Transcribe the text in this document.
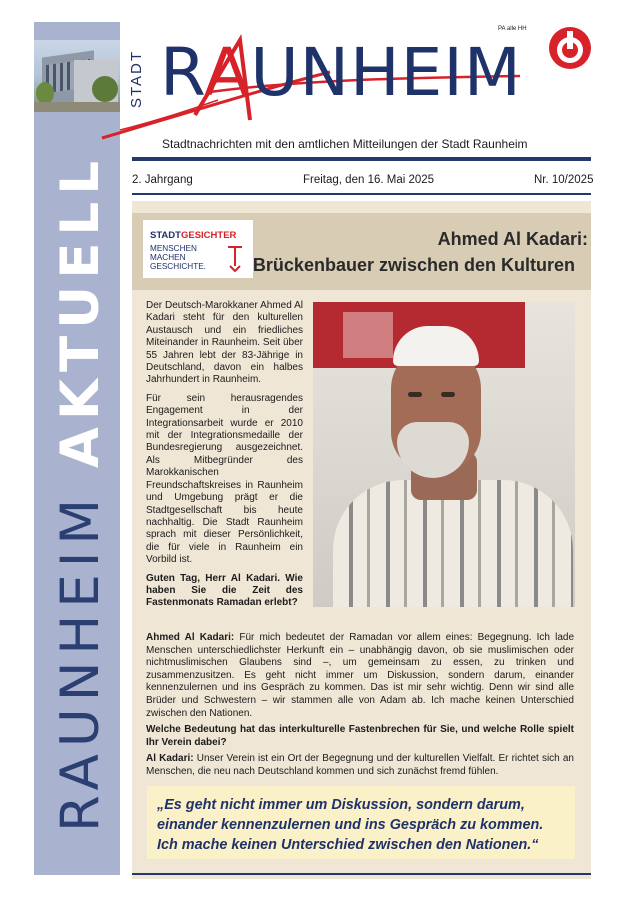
RAUNHEIM AKTUELL
STADT RAUNHEIM
PA alle HH
Stadtnachrichten mit den amtlichen Mitteilungen der Stadt Raunheim
2. Jahrgang	Freitag, den 16. Mai 2025	Nr. 10/2025
STADTGESICHTER
MENSCHEN
MACHEN
GESCHICHTE.
Ahmed Al Kadari:
Brückenbauer zwischen den Kulturen

Der Deutsch-Marokkaner Ahmed Al Kadari steht für den kulturellen Austausch und ein friedliches Miteinander in Raunheim. Seit über 55 Jahren lebt der 83-Jährige in Deutschland, davon ein halbes Jahrhundert in Raunheim.

Für sein herausragendes Engagement in der Integrationsarbeit wurde er 2010 mit der Integrationsmedaille der Bundesregierung ausgezeichnet. Als Mitbegründer des Marokkanischen Freundschaftskreises in Raunheim und Umgebung prägt er die Stadtgesellschaft bis heute nachhaltig. Die Stadt Raunheim sprach mit dieser Persönlichkeit, die für viele in Raunheim ein Vorbild ist.

Guten Tag, Herr Al Kadari. Wie haben Sie die Zeit des Fastenmonats Ramadan erlebt?

Ahmed Al Kadari: Für mich bedeutet der Ramadan vor allem eines: Begegnung. Ich lade Menschen unterschiedlichster Herkunft ein – unabhängig davon, ob sie muslimischen oder nichtmuslimischen Glaubens sind –, um gemeinsam zu essen, zu trinken und zusammenzusitzen. Es geht nicht immer um Diskussion, sondern darum, einander kennenzulernen und ins Gespräch zu kommen. Das ist mir sehr wichtig. Denn wir sind alle Brüder und Schwestern – wir stammen alle von Adam ab. Ich mache keinen Unterschied zwischen den Nationen.

Welche Bedeutung hat das interkulturelle Fastenbrechen für Sie, und welche Rolle spielt Ihr Verein dabei?

Al Kadari: Unser Verein ist ein Ort der Begegnung und der kulturellen Vielfalt. Er richtet sich an Menschen, die neu nach Deutschland kommen und sich zunächst fremd fühlen.

„Es geht nicht immer um Diskussion, sondern darum, einander kennenzulernen und ins Gespräch zu kommen. Ich mache keinen Unterschied zwischen den Nationen.“
